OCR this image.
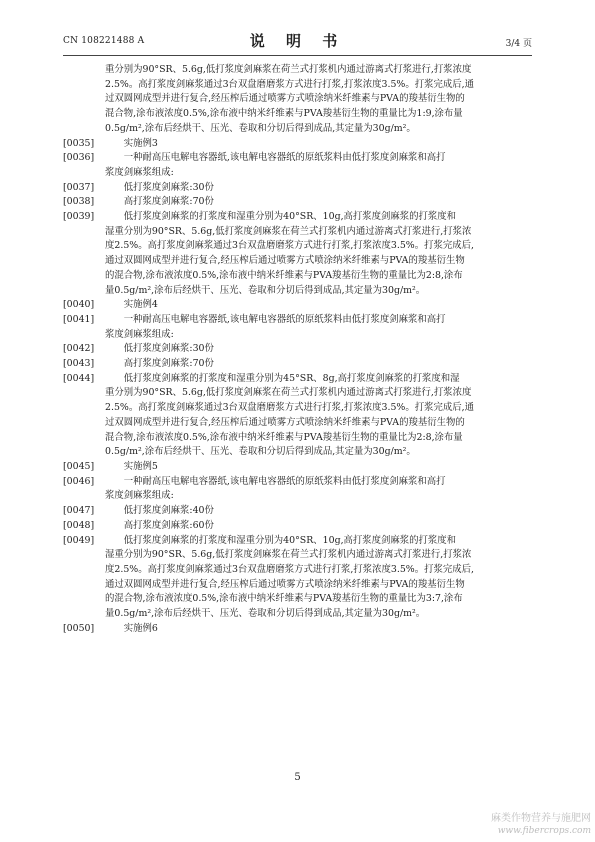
CN 108221488 A	说 明 书	3/4 页
重分别为90°SR、5.6g,低打浆度剑麻浆在荷兰式打浆机内通过游离式打浆进行,打浆浓度
2.5%。高打浆度剑麻浆通过3台双盘磨磨浆方式进行打浆,打浆浓度3.5%。打浆完成后,通
过双圆网成型并进行复合,经压榨后通过喷雾方式喷涂纳米纤维素与PVA的羧基衍生物的
混合物,涂布液浓度0.5%,涂布液中纳米纤维素与PVA羧基衍生物的重量比为1:9,涂布量
0.5g/m²,涂布后经烘干、压光、卷取和分切后得到成品,其定量为30g/m²。
[0035]	实施例3
[0036]	一种耐高压电解电容器纸,该电解电容器纸的原纸浆料由低打浆度剑麻浆和高打
浆度剑麻浆组成:
[0037]	低打浆度剑麻浆:30份
[0038]	高打浆度剑麻浆:70份
[0039]	低打浆度剑麻浆的打浆度和湿重分别为40°SR、10g,高打浆度剑麻浆的打浆度和
湿重分别为90°SR、5.6g,低打浆度剑麻浆在荷兰式打浆机内通过游离式打浆进行,打浆浓
度2.5%。高打浆度剑麻浆通过3台双盘磨磨浆方式进行打浆,打浆浓度3.5%。打浆完成后,
通过双圆网成型并进行复合,经压榨后通过喷雾方式喷涂纳米纤维素与PVA的羧基衍生物
的混合物,涂布液浓度0.5%,涂布液中纳米纤维素与PVA羧基衍生物的重量比为2:8,涂布
量0.5g/m²,涂布后经烘干、压光、卷取和分切后得到成品,其定量为30g/m²。
[0040]	实施例4
[0041]	一种耐高压电解电容器纸,该电解电容器纸的原纸浆料由低打浆度剑麻浆和高打
浆度剑麻浆组成:
[0042]	低打浆度剑麻浆:30份
[0043]	高打浆度剑麻浆:70份
[0044]	低打浆度剑麻浆的打浆度和湿重分别为45°SR、8g,高打浆度剑麻浆的打浆度和湿
重分别为90°SR、5.6g,低打浆度剑麻浆在荷兰式打浆机内通过游离式打浆进行,打浆浓度
2.5%。高打浆度剑麻浆通过3台双盘磨磨浆方式进行打浆,打浆浓度3.5%。打浆完成后,通
过双圆网成型并进行复合,经压榨后通过喷雾方式喷涂纳米纤维素与PVA的羧基衍生物的
混合物,涂布液浓度0.5%,涂布液中纳米纤维素与PVA羧基衍生物的重量比为2:8,涂布量
0.5g/m²,涂布后经烘干、压光、卷取和分切后得到成品,其定量为30g/m²。
[0045]	实施例5
[0046]	一种耐高压电解电容器纸,该电解电容器纸的原纸浆料由低打浆度剑麻浆和高打
浆度剑麻浆组成:
[0047]	低打浆度剑麻浆:40份
[0048]	高打浆度剑麻浆:60份
[0049]	低打浆度剑麻浆的打浆度和湿重分别为40°SR、10g,高打浆度剑麻浆的打浆度和
湿重分别为90°SR、5.6g,低打浆度剑麻浆在荷兰式打浆机内通过游离式打浆进行,打浆浓
度2.5%。高打浆度剑麻浆通过3台双盘磨磨浆方式进行打浆,打浆浓度3.5%。打浆完成后,
通过双圆网成型并进行复合,经压榨后通过喷雾方式喷涂纳米纤维素与PVA的羧基衍生物
的混合物,涂布液浓度0.5%,涂布液中纳米纤维素与PVA羧基衍生物的重量比为3:7,涂布
量0.5g/m²,涂布后经烘干、压光、卷取和分切后得到成品,其定量为30g/m²。
[0050]	实施例6
5
麻类作物营养与施肥网
www.fibercrops.com
